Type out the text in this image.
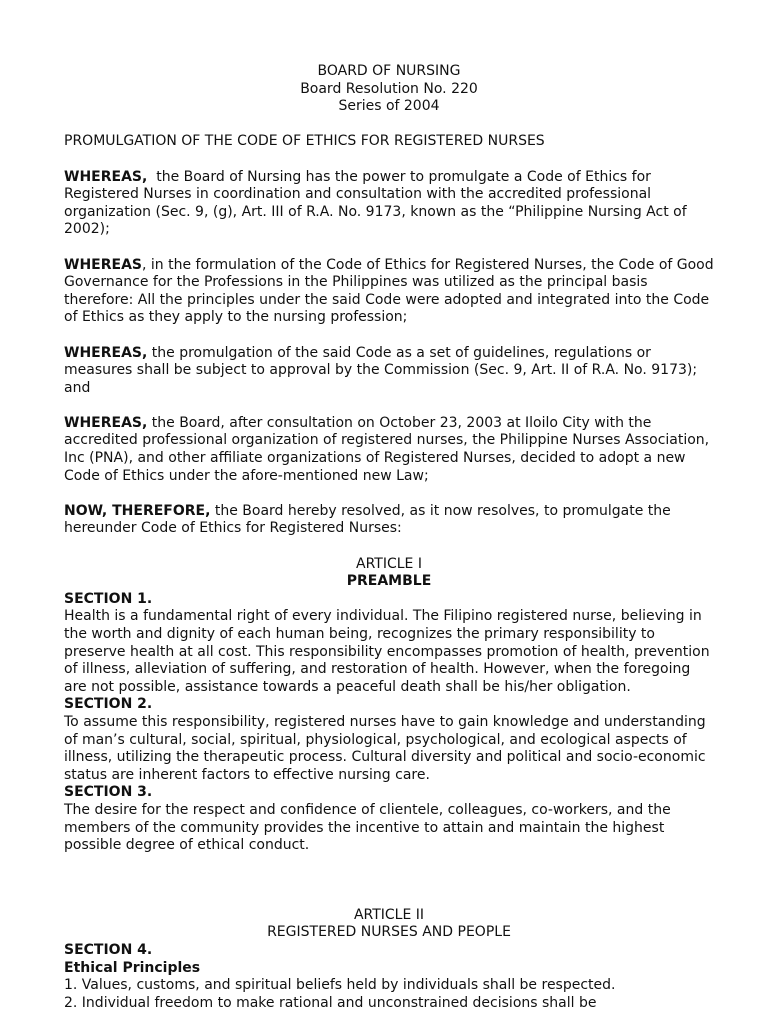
BOARD OF NURSING

Board Resolution No. 220

Series of 2004

PROMULGATION OF THE CODE OF ETHICS FOR REGISTERED NURSES

WHEREAS,  the Board of Nursing has the power to promulgate a Code of Ethics for Registered Nurses in coordination and consultation with the accredited professional organization (Sec. 9, (g), Art. III of R.A. No. 9173, known as the “Philippine Nursing Act of 2002);

WHEREAS, in the formulation of the Code of Ethics for Registered Nurses, the Code of Good Governance for the Professions in the Philippines was utilized as the principal basis therefore: All the principles under the said Code were adopted and integrated into the Code of Ethics as they apply to the nursing profession;

WHEREAS, the promulgation of the said Code as a set of guidelines, regulations or measures shall be subject to approval by the Commission (Sec. 9, Art. II of R.A. No. 9173); and

WHEREAS, the Board, after consultation on October 23, 2003 at Iloilo City with the accredited professional organization of registered nurses, the Philippine Nurses Association, Inc (PNA), and other affiliate organizations of Registered Nurses, decided to adopt a new Code of Ethics under the afore-mentioned new Law;

NOW, THEREFORE, the Board hereby resolved, as it now resolves, to promulgate the hereunder Code of Ethics for Registered Nurses:

ARTICLE I

PREAMBLE

SECTION 1.

Health is a fundamental right of every individual. The Filipino registered nurse, believing in the worth and dignity of each human being, recognizes the primary responsibility to preserve health at all cost. This responsibility encompasses promotion of health, prevention of illness, alleviation of suffering, and restoration of health. However, when the foregoing are not possible, assistance towards a peaceful death shall be his/her obligation.

SECTION 2.

To assume this responsibility, registered nurses have to gain knowledge and understanding of man’s cultural, social, spiritual, physiological, psychological, and ecological aspects of illness, utilizing the therapeutic process. Cultural diversity and political and socio-economic status are inherent factors to effective nursing care.

SECTION 3.

The desire for the respect and confidence of clientele, colleagues, co-workers, and the members of the community provides the incentive to attain and maintain the highest possible degree of ethical conduct.

ARTICLE II

REGISTERED NURSES AND PEOPLE

SECTION 4.

Ethical Principles

1. Values, customs, and spiritual beliefs held by individuals shall be respected.

2. Individual freedom to make rational and unconstrained decisions shall be
